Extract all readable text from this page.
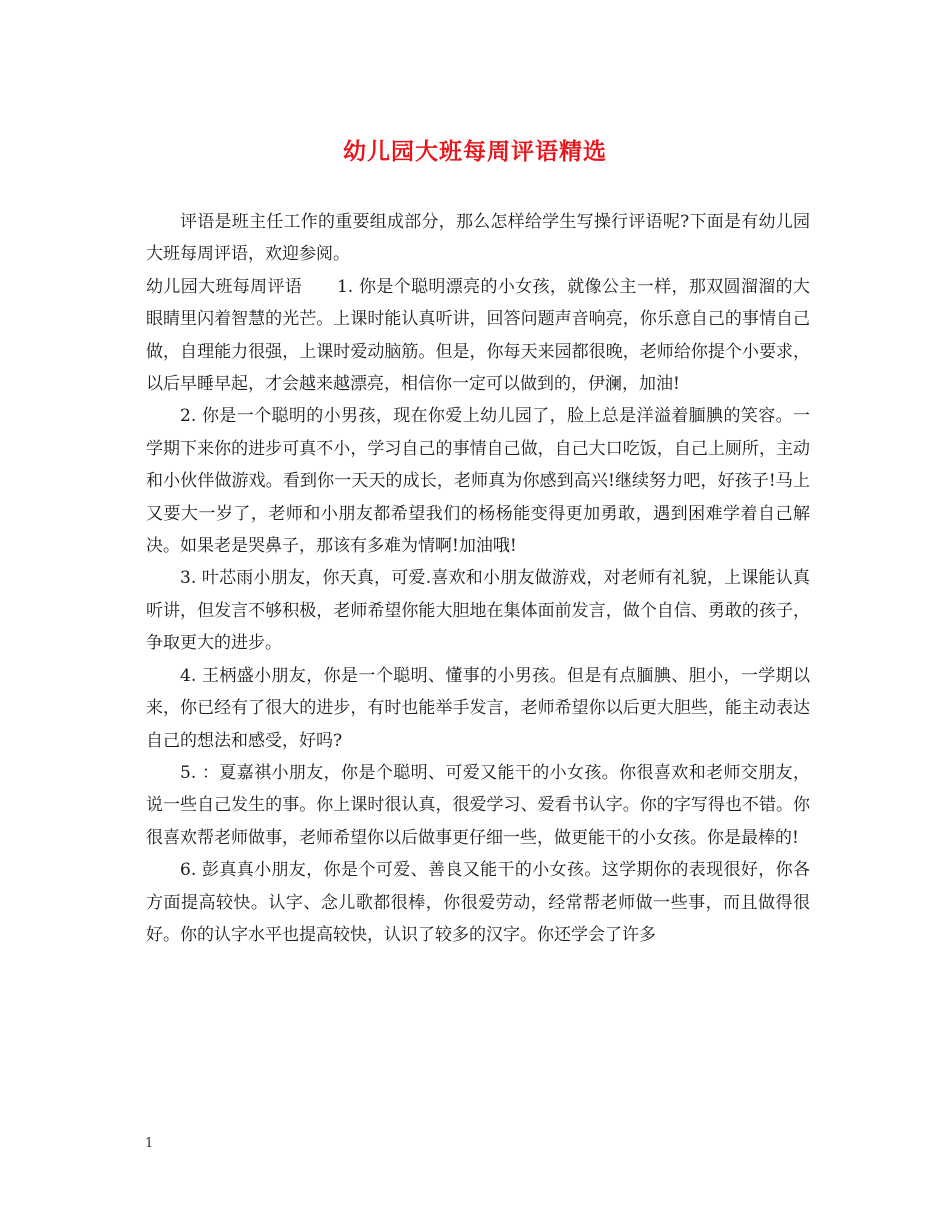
幼儿园大班每周评语精选

评语是班主任工作的重要组成部分，那么怎样给学生写操行评语呢?下面是有幼儿园大班每周评语，欢迎参阅。

幼儿园大班每周评语　　1. 你是个聪明漂亮的小女孩，就像公主一样，那双圆溜溜的大眼睛里闪着智慧的光芒。上课时能认真听讲，回答问题声音响亮，你乐意自己的事情自己做，自理能力很强，上课时爱动脑筋。但是，你每天来园都很晚，老师给你提个小要求，以后早睡早起，才会越来越漂亮，相信你一定可以做到的，伊澜，加油!

2. 你是一个聪明的小男孩，现在你爱上幼儿园了，脸上总是洋溢着腼腆的笑容。一学期下来你的进步可真不小，学习自己的事情自己做，自己大口吃饭，自己上厕所，主动和小伙伴做游戏。看到你一天天的成长，老师真为你感到高兴!继续努力吧，好孩子!马上又要大一岁了，老师和小朋友都希望我们的杨杨能变得更加勇敢，遇到困难学着自己解决。如果老是哭鼻子，那该有多难为情啊!加油哦!

3. 叶芯雨小朋友，你天真，可爱.喜欢和小朋友做游戏，对老师有礼貌，上课能认真听讲，但发言不够积极，老师希望你能大胆地在集体面前发言，做个自信、勇敢的孩子，争取更大的进步。

4. 王柄盛小朋友，你是一个聪明、懂事的小男孩。但是有点腼腆、胆小，一学期以来，你已经有了很大的进步，有时也能举手发言，老师希望你以后更大胆些，能主动表达自己的想法和感受，好吗?

5. ：夏嘉祺小朋友，你是个聪明、可爱又能干的小女孩。你很喜欢和老师交朋友，说一些自己发生的事。你上课时很认真，很爱学习、爱看书认字。你的字写得也不错。你很喜欢帮老师做事，老师希望你以后做事更仔细一些，做更能干的小女孩。你是最棒的!

6. 彭真真小朋友，你是个可爱、善良又能干的小女孩。这学期你的表现很好，你各方面提高较快。认字、念儿歌都很棒，你很爱劳动，经常帮老师做一些事，而且做得很好。你的认字水平也提高较快，认识了较多的汉字。你还学会了许多

1
